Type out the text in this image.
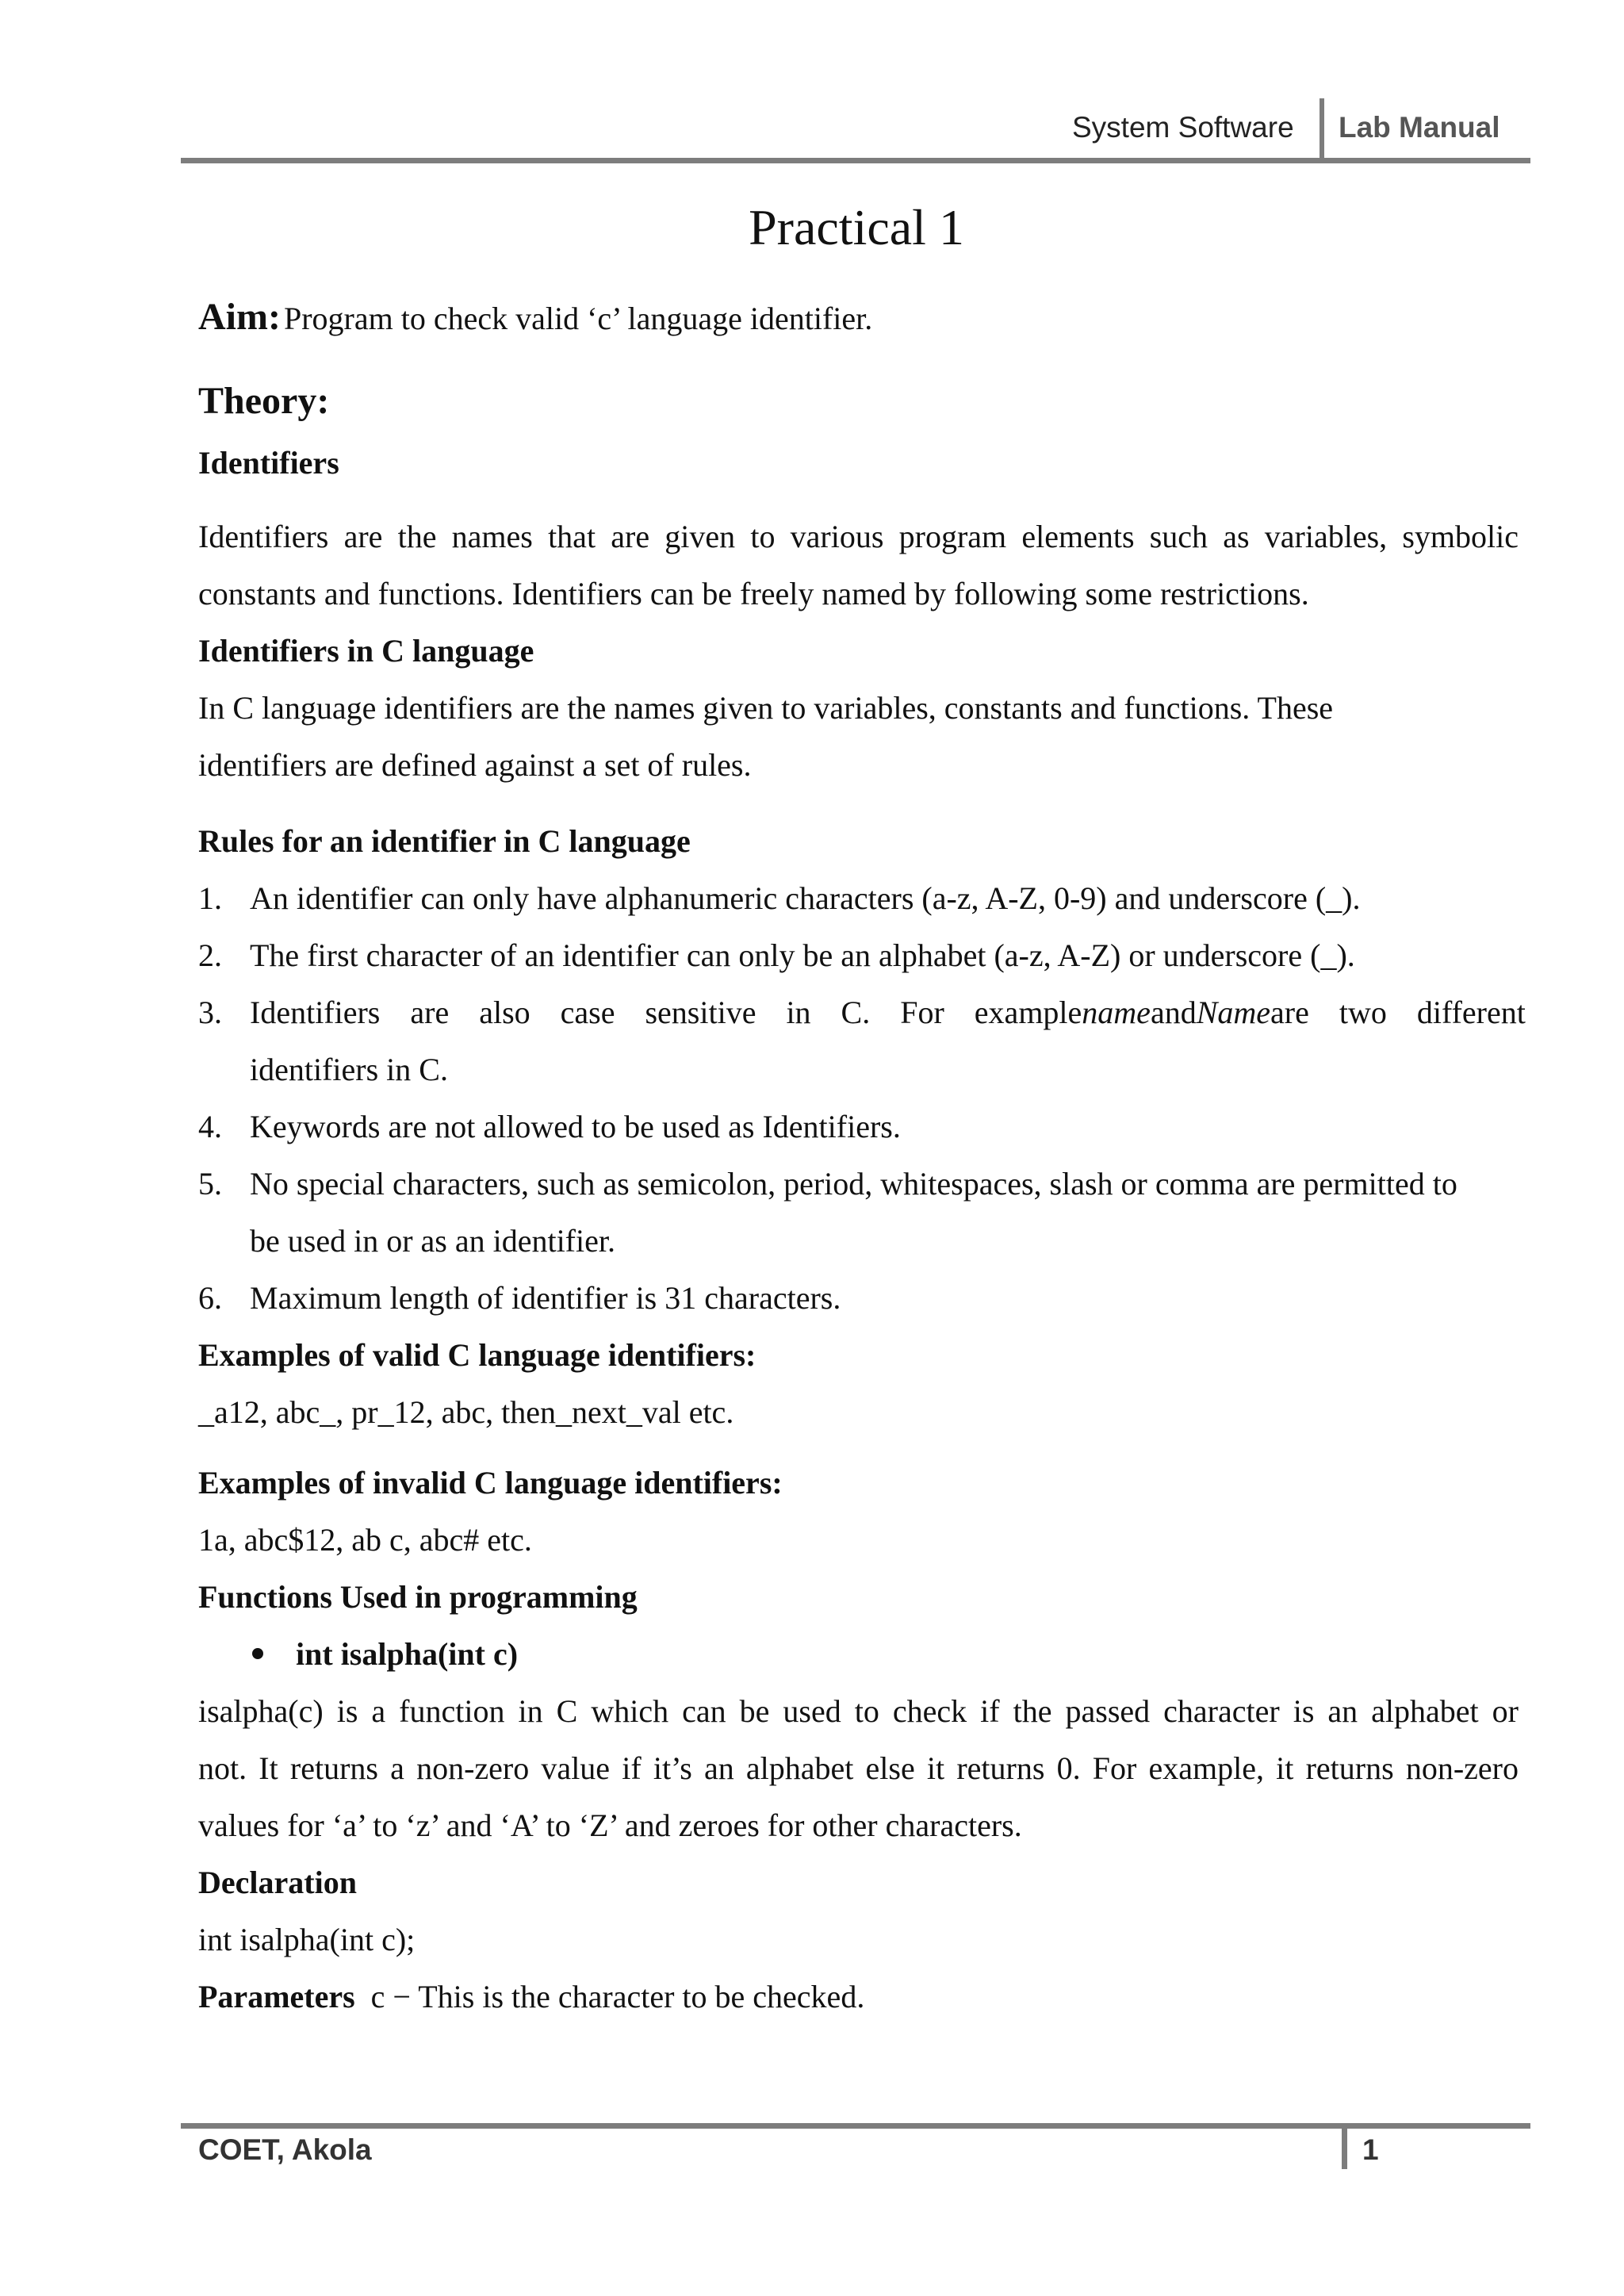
System Software Lab Manual
Practical 1
Aim: Program to check valid ‘c’ language identifier.
Theory:
Identifiers
Identifiers are the names that are given to various program elements such as variables, symbolic
constants and functions. Identifiers can be freely named by following some restrictions.
Identifiers in C language
In C language identifiers are the names given to variables, constants and functions. These
identifiers are defined against a set of rules.
Rules for an identifier in C language
1. An identifier can only have alphanumeric characters (a-z, A-Z, 0-9) and underscore (_).
2. The first character of an identifier can only be an alphabet (a-z, A-Z) or underscore (_).
3. Identifiers are also case sensitive in C. For example name and Name are two different
identifiers in C.
4. Keywords are not allowed to be used as Identifiers.
5. No special characters, such as semicolon, period, whitespaces, slash or comma are permitted to
be used in or as an identifier.
6. Maximum length of identifier is 31 characters.
Examples of valid C language identifiers:
_a12, abc_, pr_12, abc, then_next_val etc.
Examples of invalid C language identifiers:
1a, abc$12, ab c, abc# etc.
Functions Used in programming
int isalpha(int c)
isalpha(c) is a function in C which can be used to check if the passed character is an alphabet or
not. It returns a non-zero value if it’s an alphabet else it returns 0. For example, it returns non-zero
values for ‘a’ to ‘z’ and ‘A’ to ‘Z’ and zeroes for other characters.
Declaration
int isalpha(int c);
Parameters c − This is the character to be checked.
COET, Akola	1
